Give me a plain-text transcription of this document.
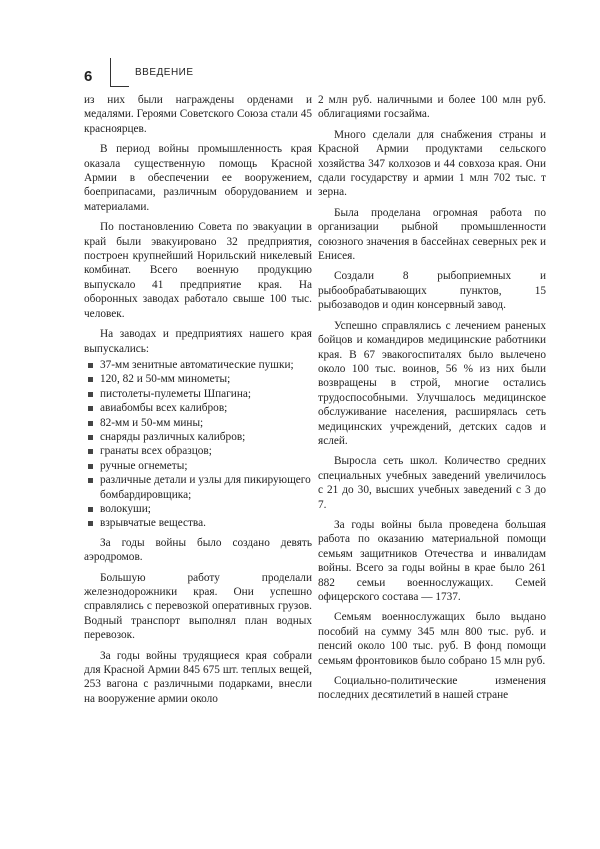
6	ВВЕДЕНИЕ

из них были награждены орденами и медалями. Героями Советского Союза стали 45 красноярцев.

В период войны промышленность края оказала существенную помощь Красной Армии в обеспечении ее вооружением, боеприпасами, различным оборудованием и материалами.

По постановлению Совета по эвакуации в край были эвакуировано 32 предприятия, построен крупнейший Норильский никелевый комбинат. Всего военную продукцию выпускало 41 предприятие края. На оборонных заводах работало свыше 100 тыс. человек.

На заводах и предприятиях нашего края выпускались:

37-мм зенитные автоматические пушки;
120, 82 и 50-мм минометы;
пистолеты-пулеметы Шпагина;
авиабомбы всех калибров;
82-мм и 50-мм мины;
снаряды различных калибров;
гранаты всех образцов;
ручные огнеметы;
различные детали и узлы для пикирующего бомбардировщика;
волокуши;
взрывчатые вещества.

За годы войны было создано девять аэродромов.

Большую работу проделали железнодорожники края. Они успешно справлялись с перевозкой оперативных грузов. Водный транспорт выполнял план водных перевозок.

За годы войны трудящиеся края собрали для Красной Армии 845 675 шт. теплых вещей, 253 вагона с различными подарками, внесли на вооружение армии около

2 млн руб. наличными и более 100 млн руб. облигациями госзайма.

Много сделали для снабжения страны и Красной Армии продуктами сельского хозяйства 347 колхозов и 44 совхоза края. Они сдали государству и армии 1 млн 702 тыс. т зерна.

Была проделана огромная работа по организации рыбной промышленности союзного значения в бассейнах северных рек и Енисея.

Создали 8 рыбоприемных и рыбообрабатывающих пунктов, 15 рыбозаводов и один консервный завод.

Успешно справлялись с лечением раненых бойцов и командиров медицинские работники края. В 67 эвакогоспиталях было вылечено около 100 тыс. воинов, 56 % из них были возвращены в строй, многие остались трудоспособными. Улучшалось медицинское обслуживание населения, расширялась сеть медицинских учреждений, детских садов и яслей.

Выросла сеть школ. Количество средних специальных учебных заведений увеличилось с 21 до 30, высших учебных заведений с 3 до 7.

За годы войны была проведена большая работа по оказанию материальной помощи семьям защитников Отечества и инвалидам войны. Всего за годы войны в крае было 261 882 семьи военнослужащих. Семей офицерского состава — 1737.

Семьям военнослужащих было выдано пособий на сумму 345 млн 800 тыс. руб. и пенсий около 100 тыс. руб. В фонд помощи семьям фронтовиков было собрано 15 млн руб.

Социально-политические изменения последних десятилетий в нашей стране
